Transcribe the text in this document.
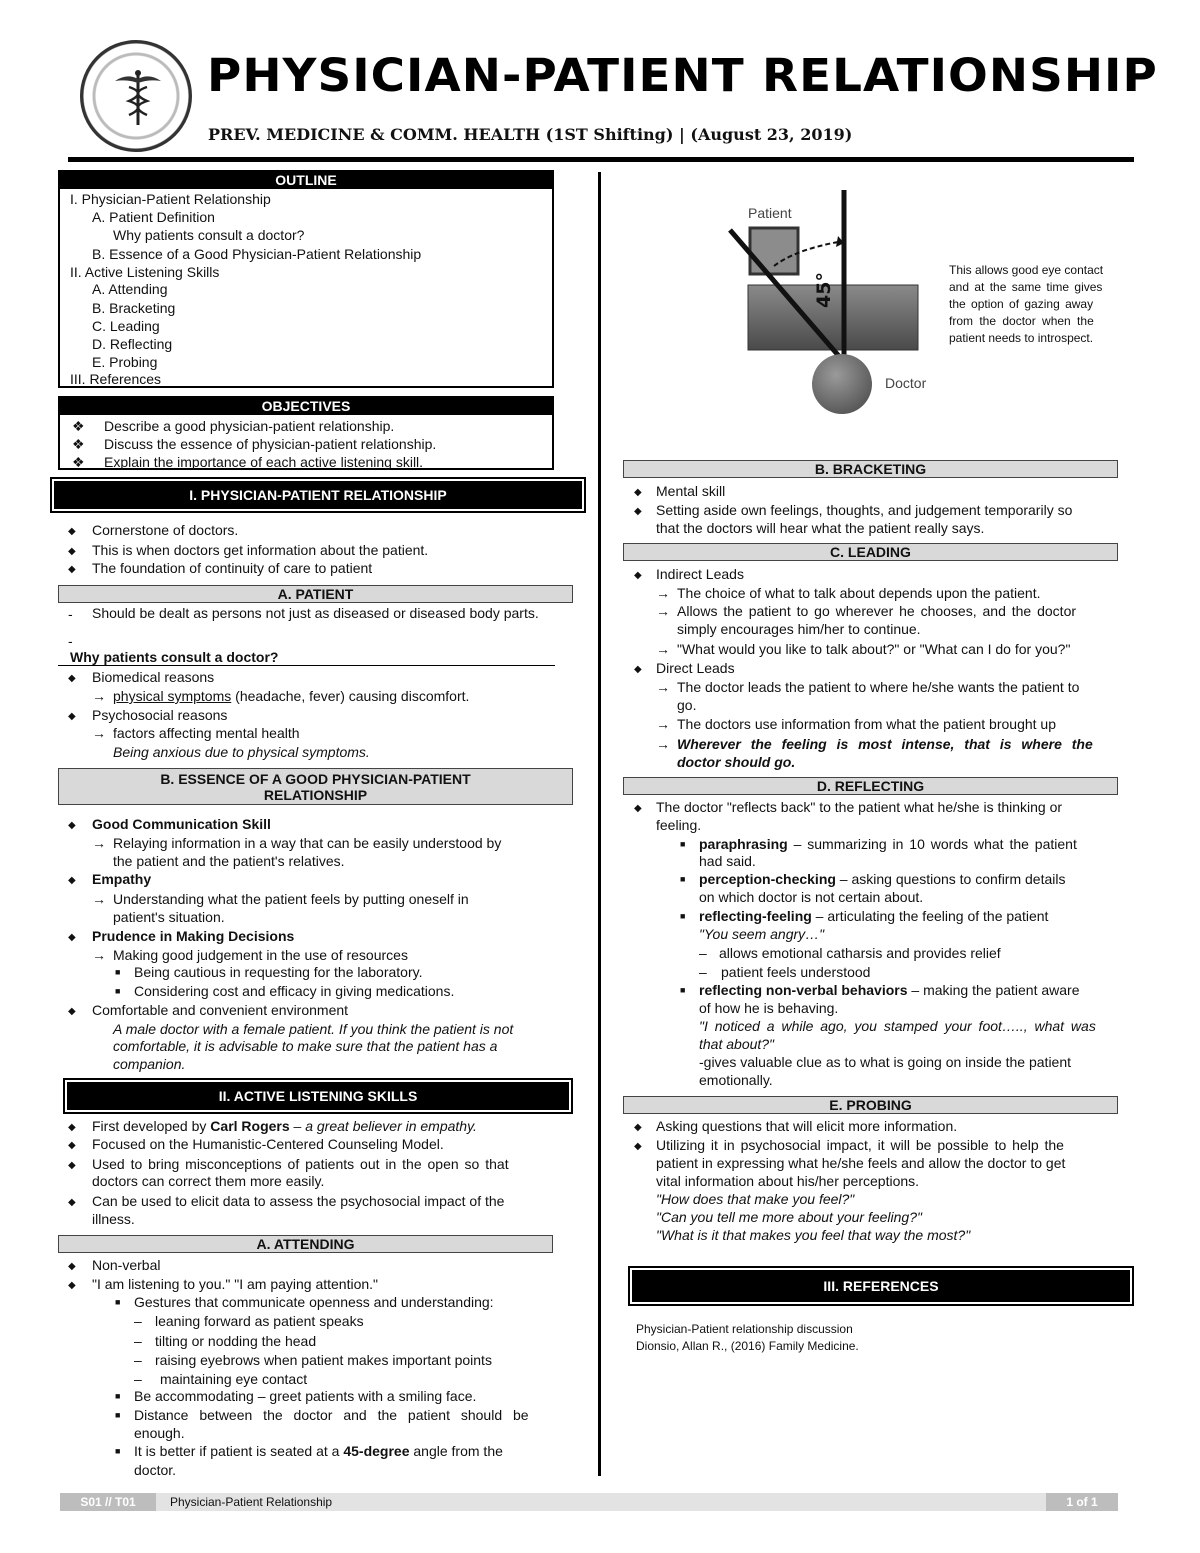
PHYSICIAN-PATIENT RELATIONSHIP
PREV. MEDICINE & COMM. HEALTH (1ST Shifting) | (August 23, 2019)
OUTLINE
I. Physician-Patient Relationship
A. Patient Definition
Why patients consult a doctor?
B. Essence of a Good Physician-Patient Relationship
II. Active Listening Skills
A. Attending
B. Bracketing
C. Leading
D. Reflecting
E. Probing
III. References
OBJECTIVES
❖ Describe a good physician-patient relationship.
❖ Discuss the essence of physician-patient relationship.
❖ Explain the importance of each active listening skill.
I. PHYSICIAN-PATIENT RELATIONSHIP
◆ Cornerstone of doctors.
◆ This is when doctors get information about the patient.
◆ The foundation of continuity of care to patient
A. PATIENT
- Should be dealt as persons not just as diseased or diseased body parts.
-
Why patients consult a doctor?
◆ Biomedical reasons
→ physical symptoms (headache, fever) causing discomfort.
◆ Psychosocial reasons
→ factors affecting mental health
Being anxious due to physical symptoms.
B. ESSENCE OF A GOOD PHYSICIAN-PATIENT
RELATIONSHIP
◆ Good Communication Skill
→ Relaying information in a way that can be easily understood by
the patient and the patient's relatives.
◆ Empathy
→ Understanding what the patient feels by putting oneself in
patient's situation.
◆ Prudence in Making Decisions
→ Making good judgement in the use of resources
■ Being cautious in requesting for the laboratory.
■ Considering cost and efficacy in giving medications.
◆ Comfortable and convenient environment
A male doctor with a female patient. If you think the patient is not
comfortable, it is advisable to make sure that the patient has a
companion.
II. ACTIVE LISTENING SKILLS
◆ First developed by Carl Rogers – a great believer in empathy.
◆ Focused on the Humanistic-Centered Counseling Model.
◆ Used to bring misconceptions of patients out in the open so that
doctors can correct them more easily.
◆ Can be used to elicit data to assess the psychosocial impact of the
illness.
A. ATTENDING
◆ Non-verbal
◆ "I am listening to you." "I am paying attention."
■ Gestures that communicate openness and understanding:
– leaning forward as patient speaks
– tilting or nodding the head
– raising eyebrows when patient makes important points
– maintaining eye contact
■ Be accommodating – greet patients with a smiling face.
■ Distance between the doctor and the patient should be
enough.
■ It is better if patient is seated at a 45-degree angle from the
doctor.
Patient
Doctor
45°
This allows good eye contact
and at the same time gives
the option of gazing away
from the doctor when the
patient needs to introspect.
B. BRACKETING
◆ Mental skill
◆ Setting aside own feelings, thoughts, and judgement temporarily so
that the doctors will hear what the patient really says.
C. LEADING
◆ Indirect Leads
→ The choice of what to talk about depends upon the patient.
→ Allows the patient to go wherever he chooses, and the doctor
simply encourages him/her to continue.
→ "What would you like to talk about?" or "What can I do for you?"
◆ Direct Leads
→ The doctor leads the patient to where he/she wants the patient to
go.
→ The doctors use information from what the patient brought up
→ Wherever the feeling is most intense, that is where the
doctor should go.
D. REFLECTING
◆ The doctor "reflects back" to the patient what he/she is thinking or
feeling.
■ paraphrasing – summarizing in 10 words what the patient
had said.
■ perception-checking – asking questions to confirm details
on which doctor is not certain about.
■ reflecting-feeling – articulating the feeling of the patient
"You seem angry…"
– allows emotional catharsis and provides relief
– patient feels understood
■ reflecting non-verbal behaviors – making the patient aware
of how he is behaving.
"I noticed a while ago, you stamped your foot….., what was
that about?"
-gives valuable clue as to what is going on inside the patient
emotionally.
E. PROBING
◆ Asking questions that will elicit more information.
◆ Utilizing it in psychosocial impact, it will be possible to help the
patient in expressing what he/she feels and allow the doctor to get
vital information about his/her perceptions.
"How does that make you feel?"
"Can you tell me more about your feeling?"
"What is it that makes you feel that way the most?"
III. REFERENCES
Physician-Patient relationship discussion
Dionsio, Allan R., (2016) Family Medicine.
S01 // T01	Physician-Patient Relationship	1 of 1
